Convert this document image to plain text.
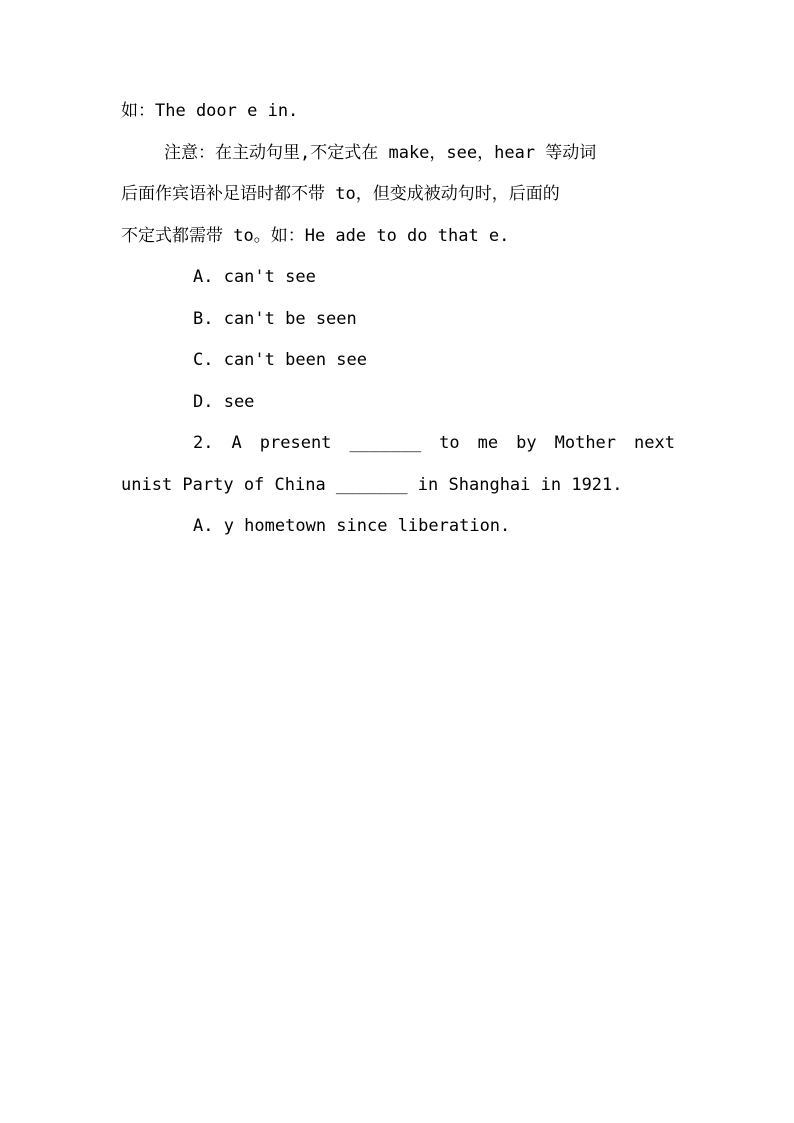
如：The door e in.
注意：在主动句里,不定式在 make，see，hear 等动词
后面作宾语补足语时都不带 to，但变成被动句时，后面的
不定式都需带 to。如：He ade to do that e.
A. can't see
B. can't be seen
C. can't been see
D. see
2. A present _______ to me by Mother next
unist Party of China _______ in Shanghai in 1921.
A. y hometown since liberation.
